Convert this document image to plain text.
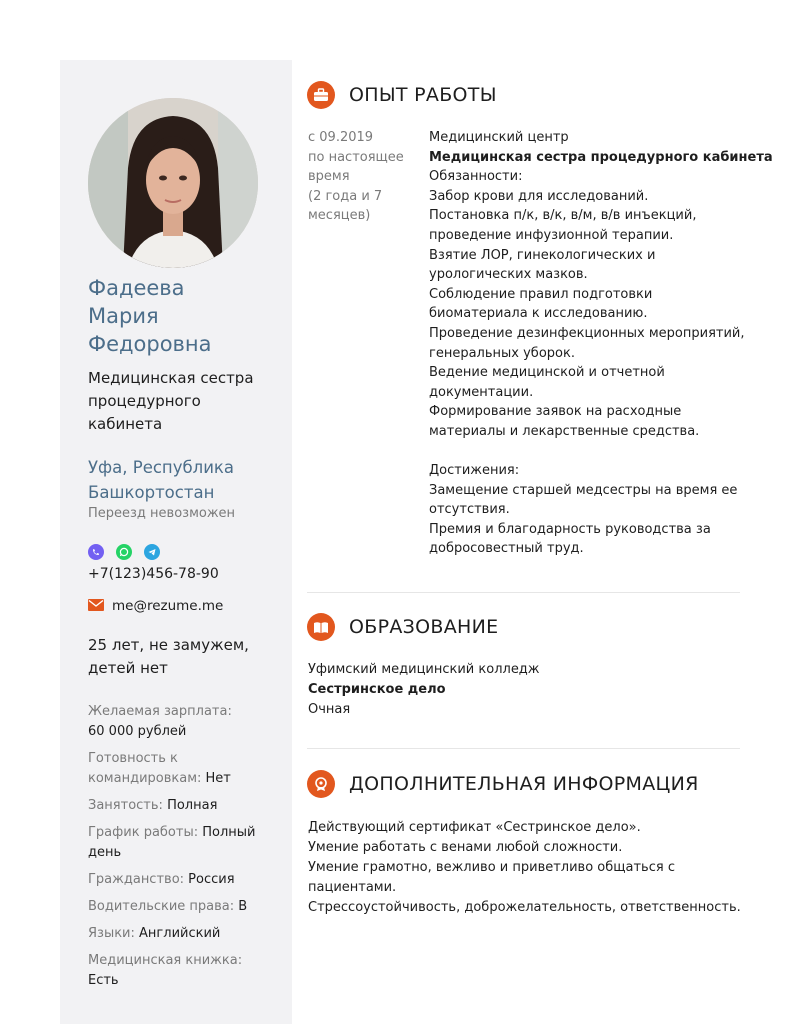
Фадеева
Мария
Федоровна
Медицинская сестра
процедурного
кабинета
Уфа, Республика
Башкортостан
Переезд невозможен
+7(123)456-78-90
me@rezume.me
25 лет, не замужем,
детей нет
Желаемая зарплата:
60 000 рублей
Готовность к
командировкам: Нет
Занятость: Полная
График работы: Полный день
Гражданство: Россия
Водительские права: B
Языки: Английский
Медицинская книжка:
Есть
ОПЫТ РАБОТЫ
с 09.2019
по настоящее
время
(2 года и 7
месяцев)
Медицинский центр
Медицинская сестра процедурного кабинета
Обязанности:
Забор крови для исследований.
Постановка п/к, в/к, в/м, в/в инъекций,
проведение инфузионной терапии.
Взятие ЛОР, гинекологических и
урологических мазков.
Соблюдение правил подготовки
биоматериала к исследованию.
Проведение дезинфекционных мероприятий,
генеральных уборок.
Ведение медицинской и отчетной
документации.
Формирование заявок на расходные
материалы и лекарственные средства.
Достижения:
Замещение старшей медсестры на время ее
отсутствия.
Премия и благодарность руководства за
добросовестный труд.
ОБРАЗОВАНИЕ
Уфимский медицинский колледж
Сестринское дело
Очная
ДОПОЛНИТЕЛЬНАЯ ИНФОРМАЦИЯ
Действующий сертификат «Сестринское дело».
Умение работать с венами любой сложности.
Умение грамотно, вежливо и приветливо общаться с
пациентами.
Стрессоустойчивость, доброжелательность, ответственность.
